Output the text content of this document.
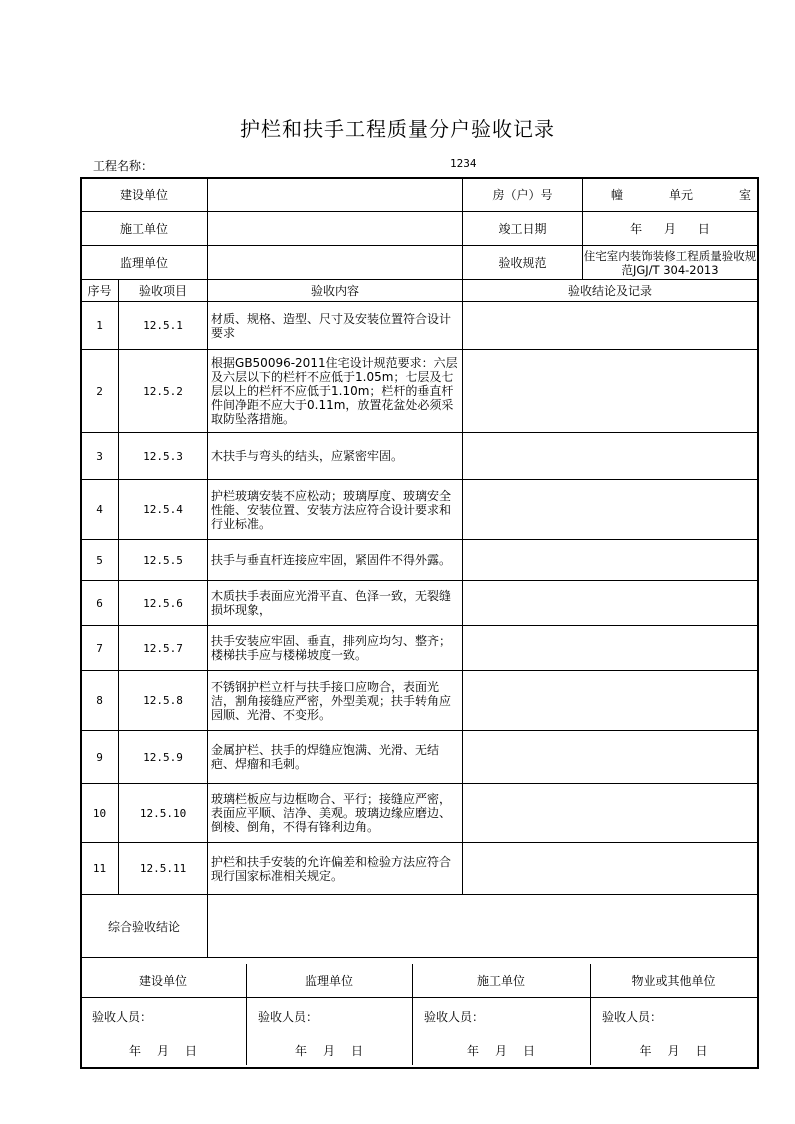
护栏和扶手工程质量分户验收记录
工程名称：	1234
建设单位			房（户）号	幢 单元 室

施工单位			竣工日期	年 月 日
监理单位			验收规范	住宅室内装饰装修工程质量验收规范JGJ/T 304-2013
序号	验收项目	验收内容	验收结论及记录	
1	12.5.1	材质、规格、造型、尺寸及安装位置符合设计要求		
2	12.5.2	根据GB50096-2011住宅设计规范要求：六层及六层以下的栏杆不应低于1.05m；七层及七层以上的栏杆不应低于1.10m；栏杆的垂直杆件间净距不应大于0.11m，放置花盆处必须采取防坠落措施。		
3	12.5.3	木扶手与弯头的结头，应紧密牢固。		
4	12.5.4	护栏玻璃安装不应松动；玻璃厚度、玻璃安全性能、安装位置、安装方法应符合设计要求和行业标准。		
5	12.5.5	扶手与垂直杆连接应牢固，紧固件不得外露。		
6	12.5.6	木质扶手表面应光滑平直、色泽一致，无裂缝损坏现象，		
7	12.5.7	扶手安装应牢固、垂直，排列应均匀、整齐；楼梯扶手应与楼梯坡度一致。		
8	12.5.8	不锈钢护栏立杆与扶手接口应吻合，表面光洁，割角接缝应严密，外型美观；扶手转角应园顺、光滑、不变形。		
9	12.5.9	金属护栏、扶手的焊缝应饱满、光滑、无结疤、焊瘤和毛刺。		
10	12.5.10	玻璃栏板应与边框吻合、平行；接缝应严密，表面应平顺、洁净、美观。玻璃边缘应磨边、倒棱、倒角，不得有锋利边角。		
11	12.5.11	护栏和扶手安装的允许偏差和检验方法应符合现行国家标准相关规定。		
综合验收结论				
建设单位
验收人员：
年 月 日
监理单位
验收人员：
年 月 日
施工单位
验收人员：
年 月 日
物业或其他单位
验收人员：
年 月 日
